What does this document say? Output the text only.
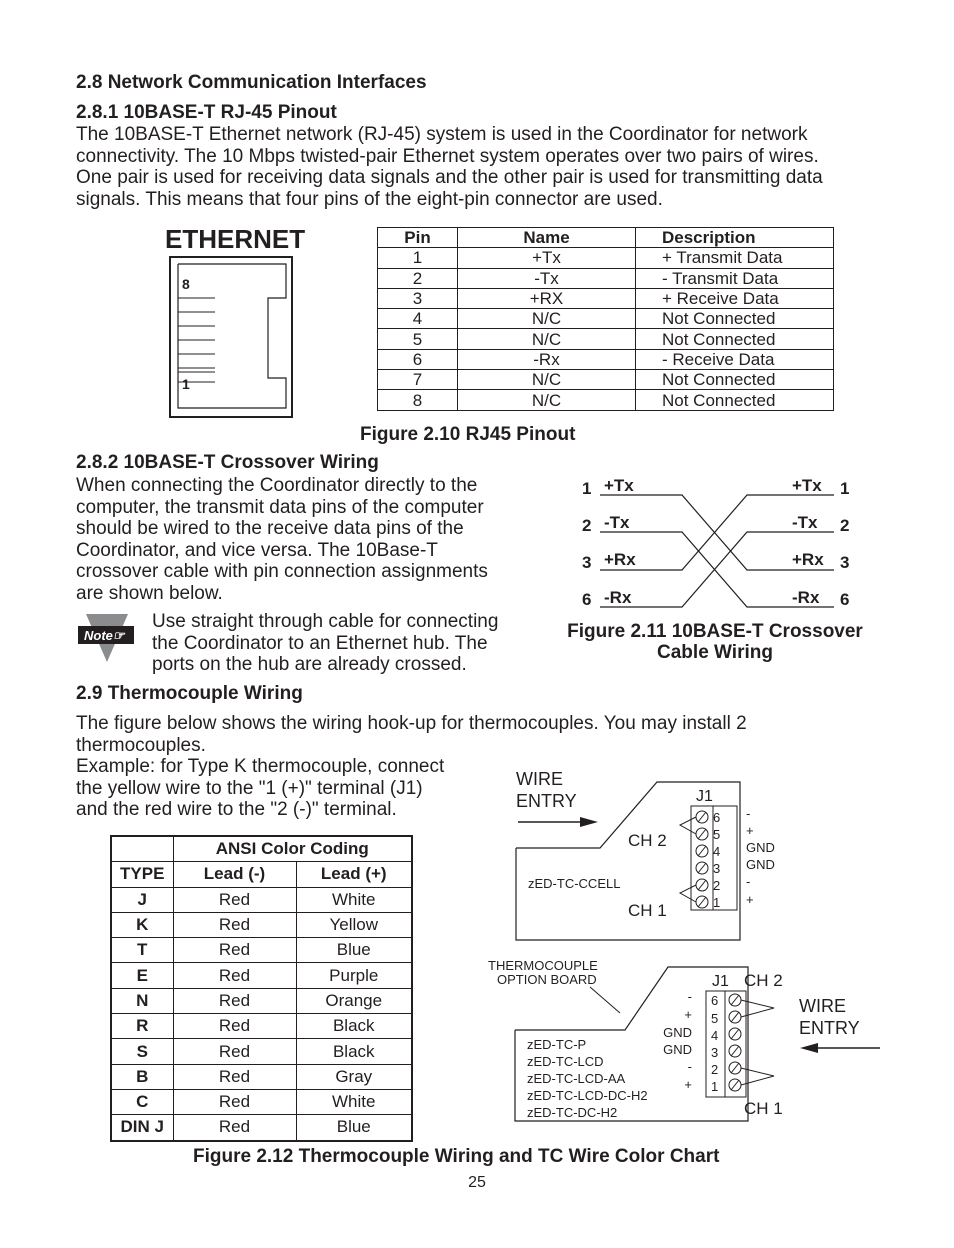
2.8 Network Communication Interfaces
2.8.1 10BASE-T RJ-45 Pinout
The 10BASE-T Ethernet network (RJ-45) system is used in the Coordinator for network
connectivity. The 10 Mbps twisted-pair Ethernet system operates over two pairs of wires.
One pair is used for receiving data signals and the other pair is used for transmitting data
signals. This means that four pins of the eight-pin connector are used.
ETHERNET
8
1
Pin	Name	Description
1	+Tx	+ Transmit Data
2	-Tx	- Transmit Data
3	+RX	+ Receive Data
4	N/C	Not Connected
5	N/C	Not Connected
6	-Rx	- Receive Data
7	N/C	Not Connected
8	N/C	Not Connected
Figure 2.10 RJ45 Pinout
2.8.2 10BASE-T Crossover Wiring
When connecting the Coordinator directly to the
computer, the transmit data pins of the computer
should be wired to the receive data pins of the
Coordinator, and vice versa. The 10Base-T
crossover cable with pin connection assignments
are shown below.
Note☞
Use straight through cable for connecting
the Coordinator to an Ethernet hub. The
ports on the hub are already crossed.
1 +Tx
2 -Tx
3 +Rx
6 -Rx
+Tx 1
-Tx 2
+Rx 3
-Rx 6
Figure 2.11 10BASE-T Crossover
Cable Wiring
2.9 Thermocouple Wiring
The figure below shows the wiring hook-up for thermocouples. You may install 2
thermocouples.
Example: for Type K thermocouple, connect
the yellow wire to the "1 (+)" terminal (J1)
and the red wire to the "2 (-)" terminal.
	ANSI Color Coding	
TYPE	Lead (-)	Lead (+)
J	Red	White
K	Red	Yellow
T	Red	Blue
E	Red	Purple
N	Red	Orange
R	Red	Black
S	Red	Black
B	Red	Gray
C	Red	White
DIN J	Red	Blue
WIRE
ENTRY	J1
CH 2
CH 1
zED-TC-CCELL
6
5
4
3
2
1
-
+
GND
GND
-
+
THERMOCOUPLE
OPTION BOARD	J1 CH 2
CH 1
WIRE
ENTRY
6
5
4
3
2
1
-
+
GND
GND
-
+
zED-TC-P
zED-TC-LCD
zED-TC-LCD-AA
zED-TC-LCD-DC-H2
zED-TC-DC-H2
Figure 2.12 Thermocouple Wiring and TC Wire Color Chart
25
